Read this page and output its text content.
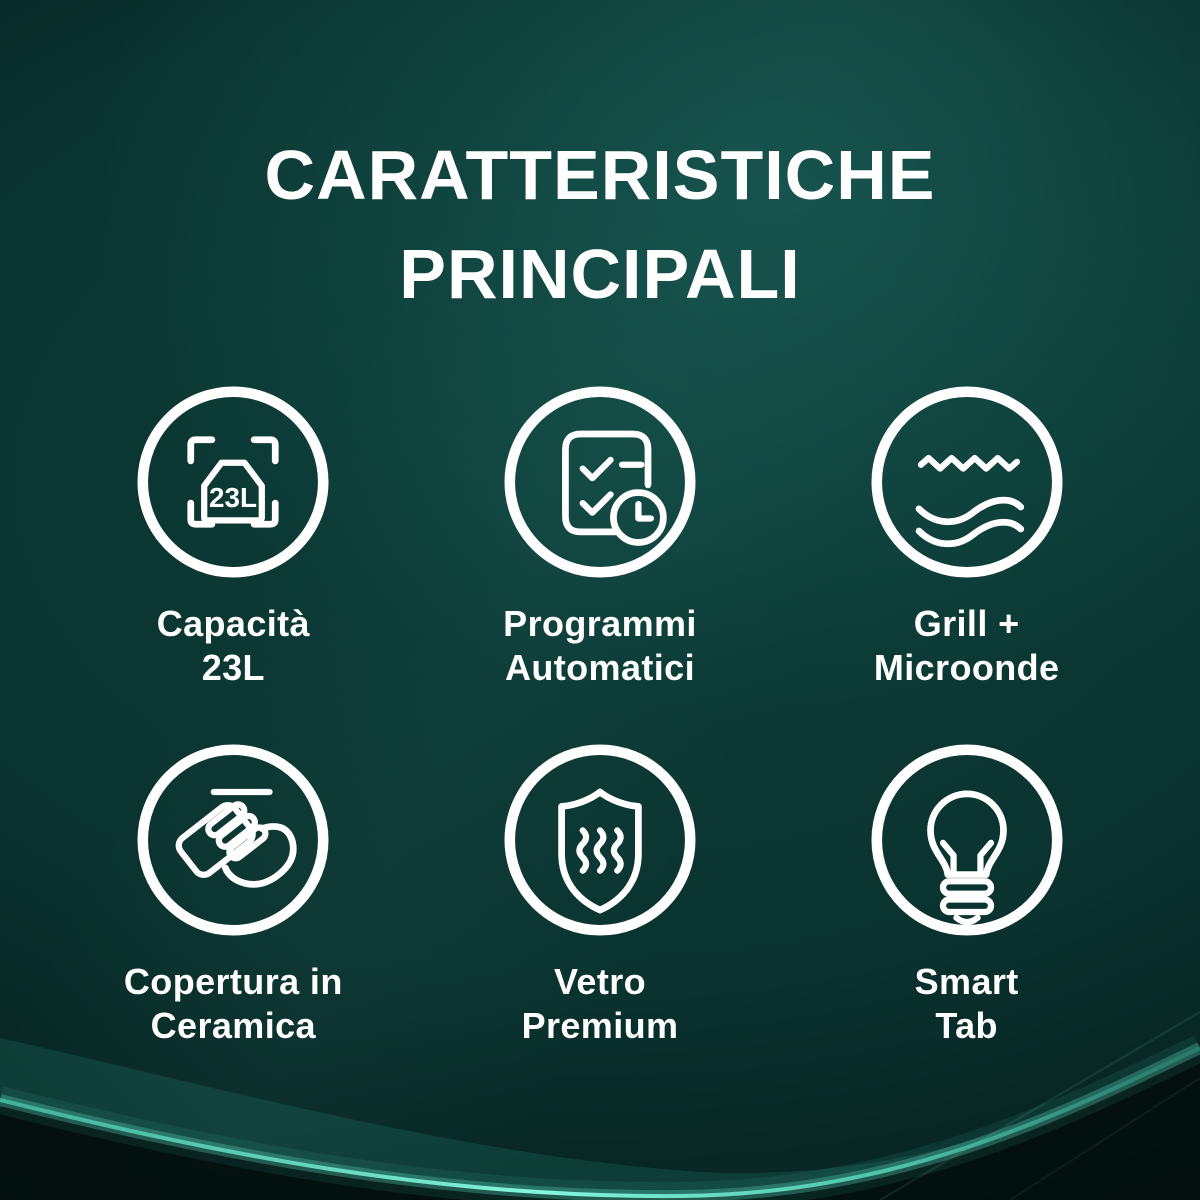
CARATTERISTICHE
PRINCIPALI
23L
Capacità
23L
Programmi
Automatici
Grill +
Microonde
Copertura in
Ceramica
Vetro
Premium
Smart
Tab
